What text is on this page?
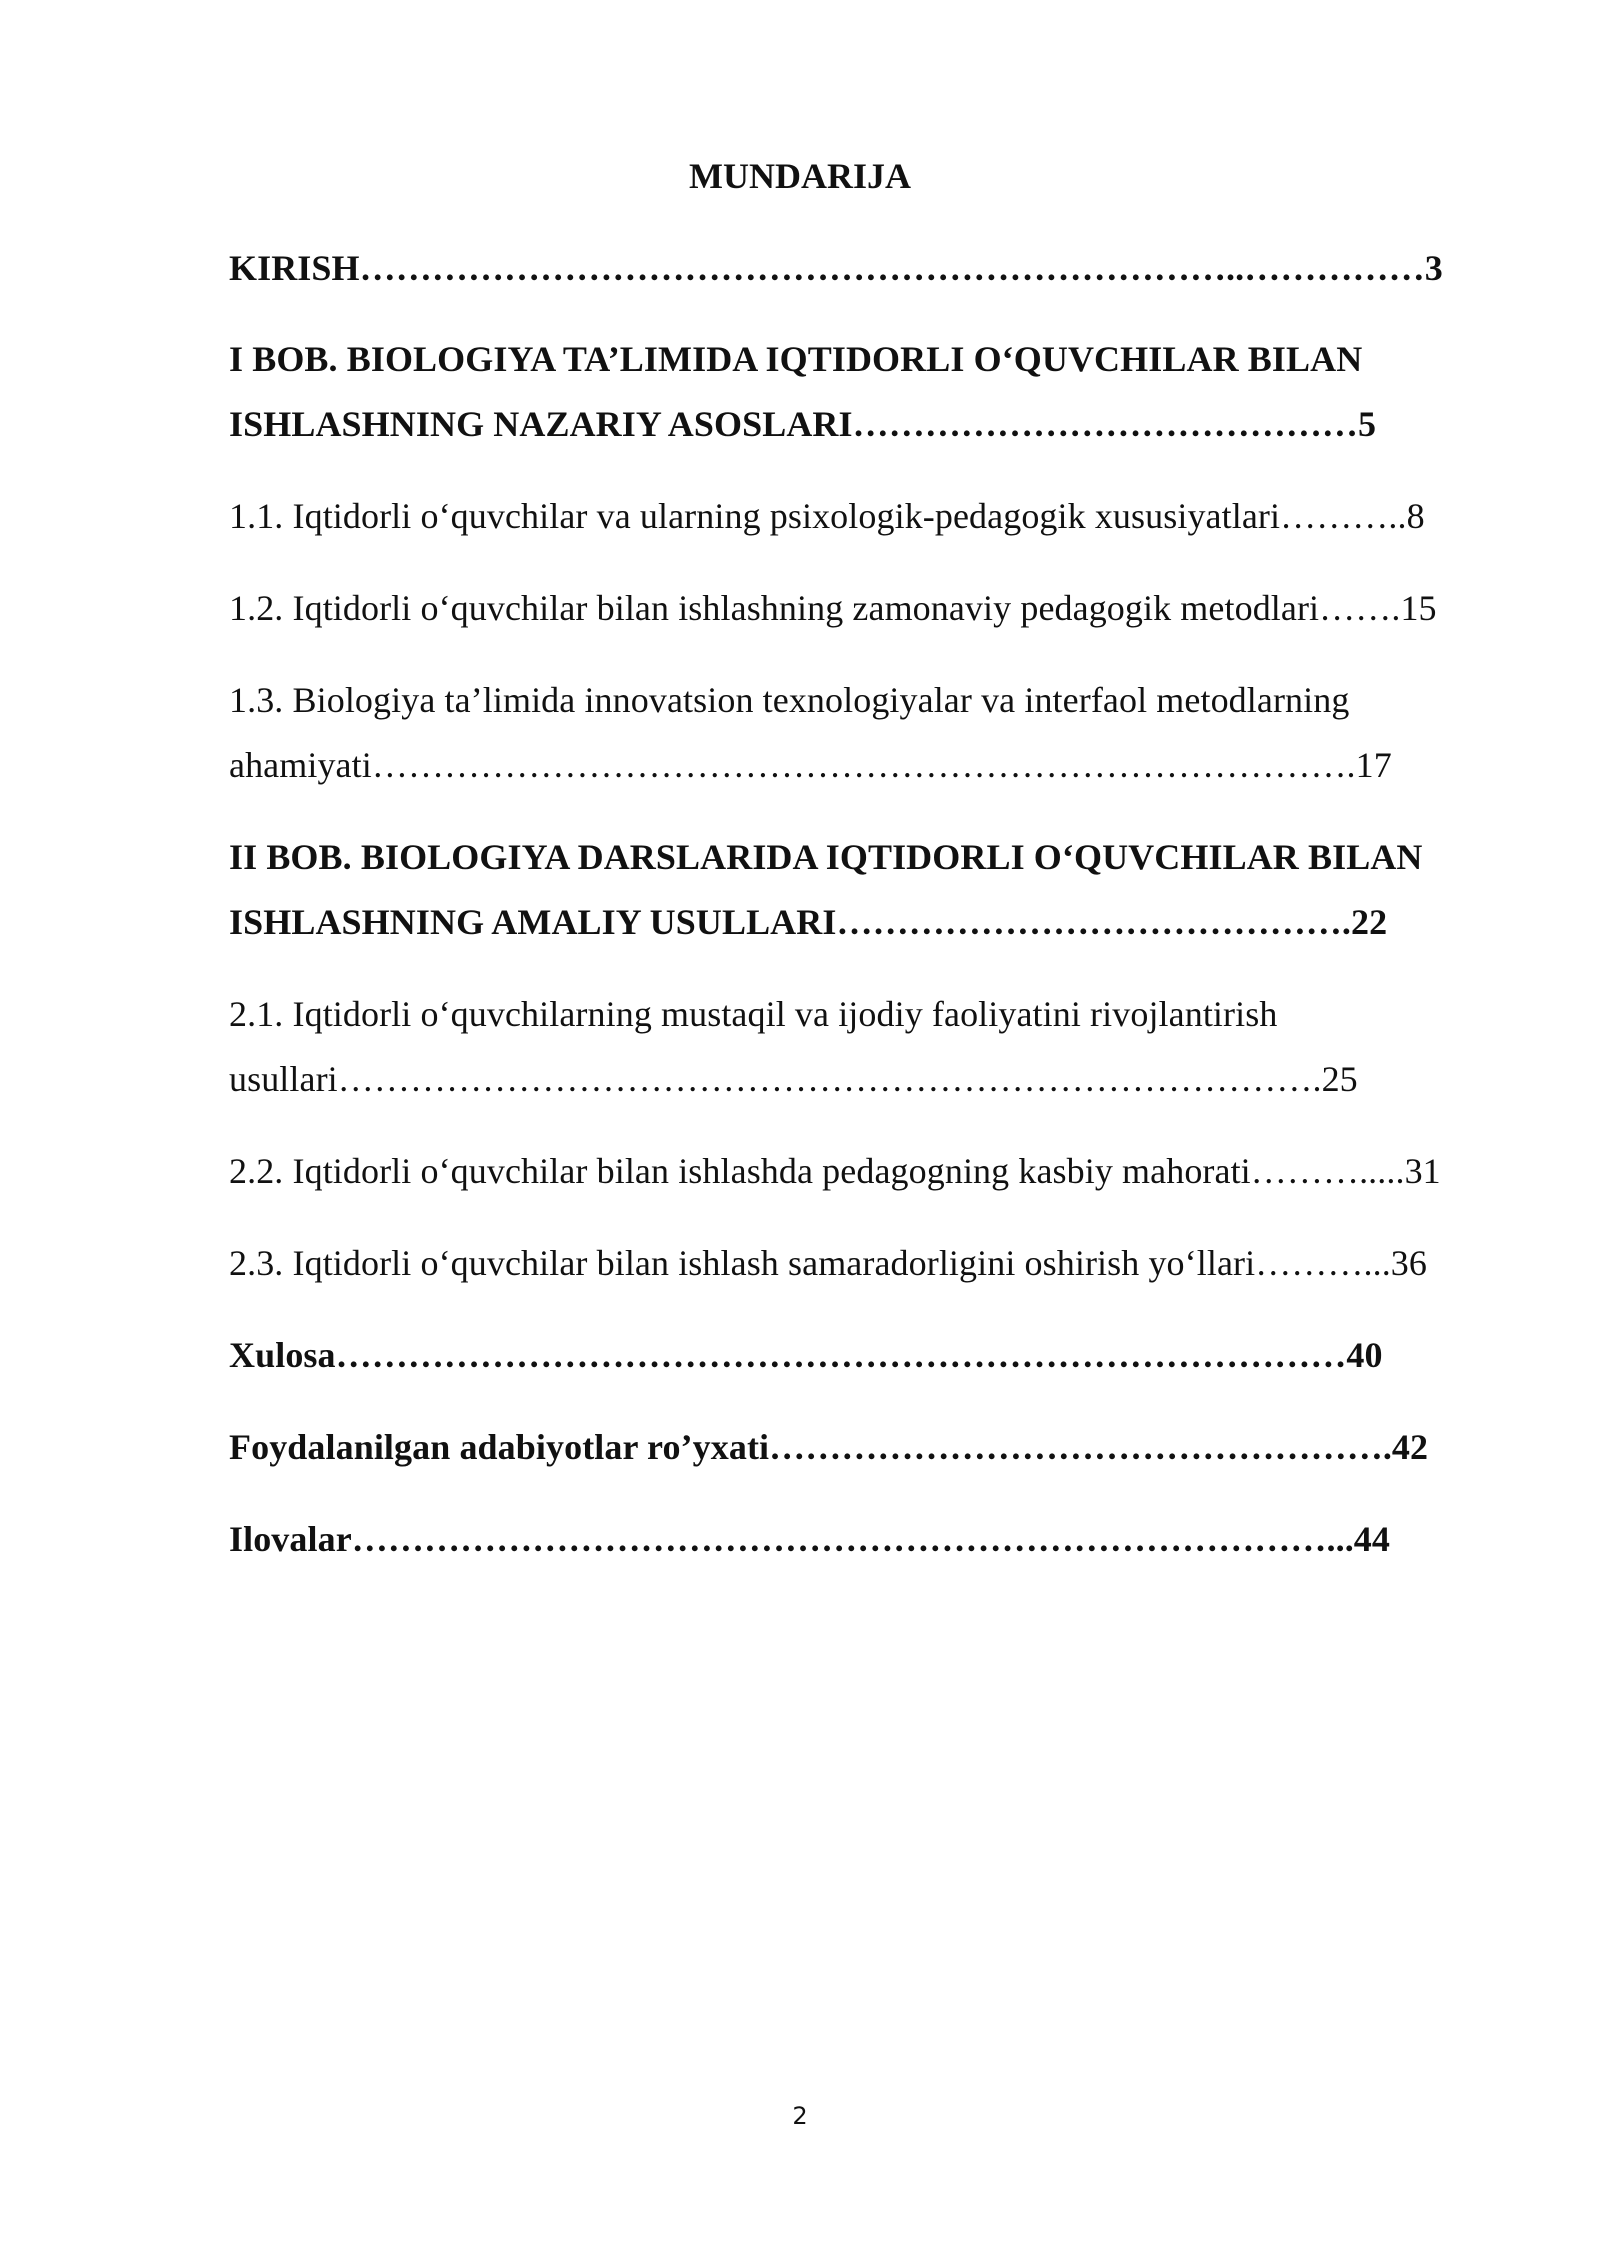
MUNDARIJA
KIRISH………………………………………………………………..……………3
I BOB. BIOLOGIYA TA’LIMIDA IQTIDORLI O‘QUVCHILAR BILAN
ISHLASHNING NAZARIY ASOSLARI……………………………………5
1.1. Iqtidorli o‘quvchilar va ularning psixologik-pedagogik xususiyatlari………..8
1.2. Iqtidorli o‘quvchilar bilan ishlashning zamonaviy pedagogik metodlari…….15
1.3. Biologiya ta’limida innovatsion texnologiyalar va interfaol metodlarning
ahamiyati……………………………………………………………………….17
II BOB. BIOLOGIYA DARSLARIDA IQTIDORLI O‘QUVCHILAR BILAN
ISHLASHNING AMALIY USULLARI…………………………………….22
2.1. Iqtidorli o‘quvchilarning mustaqil va ijodiy faoliyatini rivojlantirish
usullari……………………………………………………………………….25
2.2. Iqtidorli o‘quvchilar bilan ishlashda pedagogning kasbiy mahorati……….....31
2.3. Iqtidorli o‘quvchilar bilan ishlash samaradorligini oshirish yo‘llari………...36
Xulosa…………………………………………………………………………40
Foydalanilgan adabiyotlar ro’yxati…………………………………………….42
Ilovalar………………………………………………………………………...44
2
